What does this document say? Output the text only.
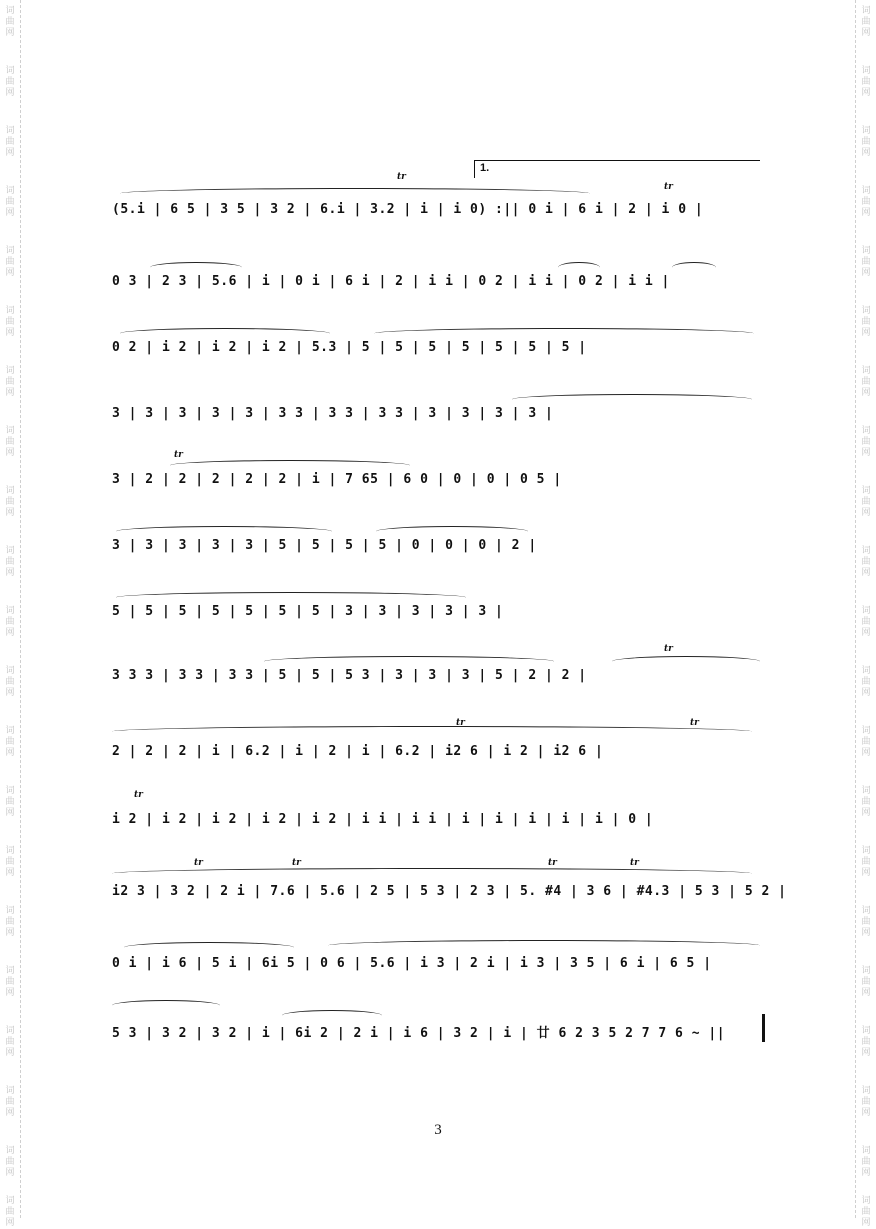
词曲网
词曲网
词曲网
词曲网
词曲网
词曲网
词曲网
词曲网
词曲网
词曲网
词曲网
词曲网
词曲网
词曲网
词曲网
词曲网
词曲网
词曲网
词曲网
词曲网
词曲网
词曲网
词曲网
词曲网
词曲网
词曲网
词曲网
词曲网
词曲网
词曲网
词曲网
词曲网
词曲网
词曲网
词曲网
词曲网
词曲网
词曲网
词曲网
词曲网
词曲网
词曲网
1.
tr
tr
(5.i | 6 5 | 3 5 | 3 2 | 6.i | 3.2 | i | i 0) :|| 0 i | 6 i | 2 | i 0 |
0 3 | 2 3 | 5.6 | i | 0 i | 6 i | 2 | i i | 0 2 | i i | 0 2 | i i |
0 2 | i 2 | i 2 | i 2 | 5.3 | 5 | 5 | 5 | 5 | 5 | 5 | 5 |
3 | 3 | 3 | 3 | 3 | 3 3 | 3 3 | 3 3 | 3 | 3 | 3 | 3 |
tr
3 | 2 | 2 | 2 | 2 | 2 | i | 7 65 | 6 0 | 0 | 0 | 0 5 |
3 | 3 | 3 | 3 | 3 | 5 | 5 | 5 | 5 | 0 | 0 | 0 | 2 |
5 | 5 | 5 | 5 | 5 | 5 | 5 | 3 | 3 | 3 | 3 | 3 |
tr
3 3 3 | 3 3 | 3 3 | 5 | 5 | 5 3 | 3 | 3 | 3 | 5 | 2 | 2 |
tr	tr
2 | 2 | 2 | i | 6.2 | i | 2 | i | 6.2 | i2 6 | i 2 | i2 6 |
tr
i 2 | i 2 | i 2 | i 2 | i 2 | i i | i i | i | i | i | i | i | 0 |
tr	tr	tr	tr
i2 3 | 3 2 | 2 i | 7.6 | 5.6 | 2 5 | 5 3 | 2 3 | 5. #4 | 3 6 | #4.3 | 5 3 | 5 2 |
0 i | i 6 | 5 i | 6i 5 | 0 6 | 5.6 | i 3 | 2 i | i 3 | 3 5 | 6 i | 6 5 |
5 3 | 3 2 | 3 2 | i | 6i 2 | 2 i | i 6 | 3 2 | i | 廿 6 2 3 5 2 7 7 6 ~ ||
3
